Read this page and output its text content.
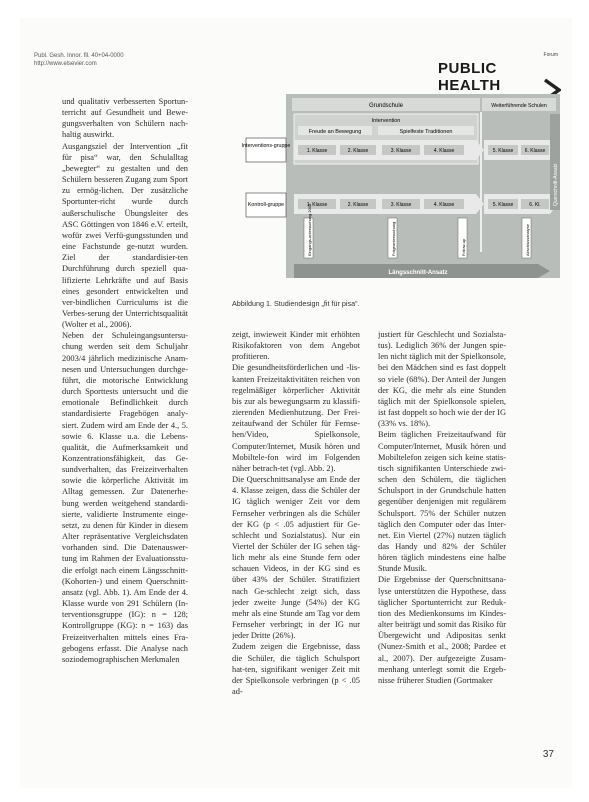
Publ. Gesh. Innor. fll. 40+04-0000
http://www.elsevier.com
Forum
PUBLIC HEALTH
Grundschule	Weiterführende Schulen
Intervention
Freude an Bewegung	Spielfeste Traditionen
1. Klasse	2. Klasse	3. Klasse	4. Klasse	5. Klasse 6. Klasse
1. Klasse	2. Klasse	3. Klasse	4. Klasse	5. Klasse	6. Kl.
Interventions-gruppe
Kontroll-gruppe	Eingangs-untersuchung 2003	Folgeuntersuchung	Follow-up	Abschlussanalyse
Querschnitt-Ansatz
Längsschnitt-Ansatz
Abbildung 1. Studiendesign „fit für pisa“.

und qualitativ verbesserten Sportun-terricht auf Gesundheit und Bewe-gungsverhalten von Schülern nach-haltig auswirkt.

Ausgangsziel der Intervention „fit für pisa“ war, den Schulalltag „bewegter“ zu gestalten und den Schülern besseren Zugang zum Sport zu ermög-lichen. Der zusätzliche Sportunter-richt wurde durch außerschulische Übungsleiter des ASC Göttingen von 1846 e.V. erteilt, wofür zwei Verfü-gungsstunden und eine Fachstunde ge-nutzt wurden. Ziel der standardisier-ten Durchführung durch speziell qua-lifizierte Lehrkräfte und auf Basis eines gesondert entwickelten und ver-bindlichen Curriculums ist die Verbes-serung der Unterrichtsqualität (Wolter et al., 2006).

Neben der Schuleingangsuntersu-chung werden seit dem Schuljahr 2003/4 jährlich medizinische Anam-nesen und Untersuchungen durchge-führt, die motorische Entwicklung durch Sporttests untersucht und die emotionale Befindlichkeit durch standardisierte Fragebögen analy-siert. Zudem wird am Ende der 4., 5. sowie 6. Klasse u.a. die Lebens-qualität, die Aufmerksamkeit und Konzentrationsfähigkeit, das Ge-sundverhalten, das Freizeitverhalten sowie die körperliche Aktivität im Alltag gemessen. Zur Datenerhe-bung werden weitgehend standardi-sierte, validierte Instrumente einge-setzt, zu denen für Kinder in diesem Alter repräsentative Vergleichsdaten vorhanden sind. Die Datenauswer-tung im Rahmen der Evaluationsstu-die erfolgt nach einem Längsschnitt-(Kohorten-) und einem Querschnitt-ansatz (vgl. Abb. 1). Am Ende der 4. Klasse wurde von 291 Schülern (In-terventionsgruppe (IG): n = 128; Kontrollgruppe (KG): n = 163) das Freizeitverhalten mittels eines Fra-gebogens erfasst. Die Analyse nach soziodemographischen Merkmalen

zeigt, inwieweit Kinder mit erhöhten Risikofaktoren von dem Angebot profitieren.

Die gesundheitsförderlichen und -lis-kanten Freizeitaktivitäten reichen von regelmäßiger körperlicher Aktivität bis zur als bewegungsarm zu klassifi-zierenden Medienhutzung. Der Frei-zeitaufwand der Schüler für Fernse-hen/Video, Spielkonsole, Computer/Internet, Musik hören und Mobiltele-fon wird im Folgenden näher betrach-tet (vgl. Abb. 2).

Die Querschnittsanalyse am Ende der 4. Klasse zeigen, dass die Schüler der IG täglich weniger Zeit vor dem Fernseher verbringen als die Schüler der KG (p < .05 adjustiert für Ge-schlecht und Sozialstatus). Nur ein Viertel der Schüler der IG sehen täg-lich mehr als eine Stunde fern oder schauen Videos, in der KG sind es über 43% der Schüler. Stratifiziert nach Ge-schlecht zeigt sich, dass jeder zweite Junge (54%) der KG mehr als eine Stunde am Tag vor dem Fernseher verbringt; in der IG nur jeder Dritte (26%).

Zudem zeigen die Ergebnisse, dass die Schüler, die täglich Schulsport hat-ten, signifikant weniger Zeit mit der Spielkonsole verbringen (p < .05 ad-

justiert für Geschlecht und Sozialsta-tus). Lediglich 36% der Jungen spie-len nicht täglich mit der Spielkonsole, bei den Mädchen sind es fast doppelt so viele (68%). Der Anteil der Jungen der KG, die mehr als eine Stunden täglich mit der Spielkonsole spielen, ist fast doppelt so hoch wie der der IG (33% vs. 18%).

Beim täglichen Freizeitaufwand für Computer/Internet, Musik hören und Mobiltelefon zeigen sich keine statis-tisch signifikanten Unterschiede zwi-schen den Schülern, die täglichen Schulsport in der Grundschule hatten gegenüber denjenigen mit regulärem Schulsport. 75% der Schüler nutzen täglich den Computer oder das Inter-net. Ein Viertel (27%) nutzen täglich das Handy und 82% der Schüler hören täglich mindestens eine halbe Stunde Musik.

Die Ergebnisse der Querschnittsana-lyse unterstützen die Hypothese, dass täglicher Sportunterricht zur Reduk-tion des Medienkonsums im Kindes-alter beiträgt und somit das Risiko für Übergewicht und Adipositas senkt (Nunez-Smith et al., 2008; Pardee et al., 2007). Der aufgezeigte Zusam-menhang unterlegt somit die Ergeb-nisse früherer Studien (Gortmaker

37
